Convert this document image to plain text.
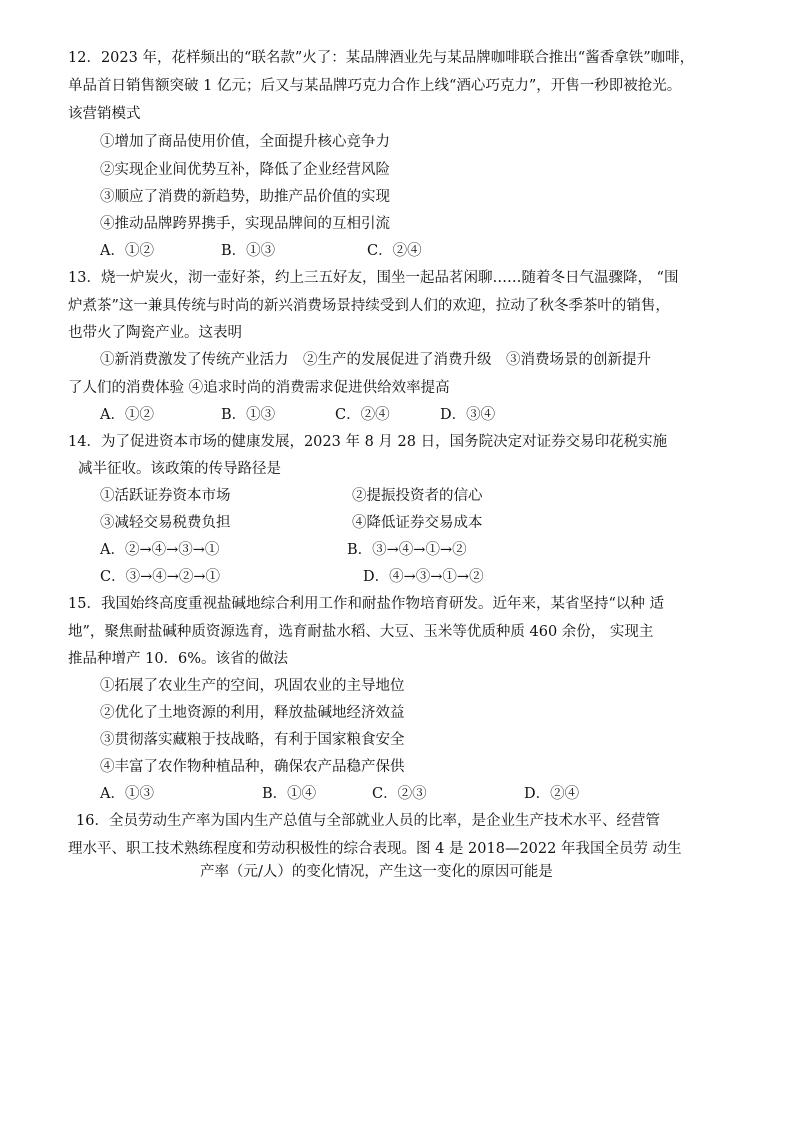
12．2023 年，花样频出的“联名款”火了：某品牌酒业先与某品牌咖啡联合推出“酱香拿铁”咖啡，
单品首日销售额突破 1 亿元；后又与某品牌巧克力合作上线“酒心巧克力”，开售一秒即被抢光。
该营销模式
①增加了商品使用价值，全面提升核心竞争力
②实现企业间优势互补，降低了企业经营风险
③顺应了消费的新趋势，助推产品价值的实现
④推动品牌跨界携手，实现品牌间的互相引流
A．①②	B．①③	C．②④
13．烧一炉炭火，沏一壶好茶，约上三五好友，围坐一起品茗闲聊……随着冬日气温骤降， “围
炉煮茶”这一兼具传统与时尚的新兴消费场景持续受到人们的欢迎，拉动了秋冬季茶叶的销售，
也带火了陶瓷产业。这表明
①新消费激发了传统产业活力　②生产的发展促进了消费升级　③消费场景的创新提升
了人们的消费体验 ④追求时尚的消费需求促进供给效率提高
A．①②	B．①③	C．②④	D．③④
14．为了促进资本市场的健康发展，2023 年 8 月 28 日，国务院决定对证券交易印花税实施
减半征收。该政策的传导路径是
①活跃证券资本市场	②提振投资者的信心
③减轻交易税费负担	④降低证券交易成本
A．②→④→③→①	B．③→④→①→②
C．③→④→②→①	D．④→③→①→②
15．我国始终高度重视盐碱地综合利用工作和耐盐作物培育研发。近年来，某省坚持“以种 适
地”，聚焦耐盐碱种质资源选育，选育耐盐水稻、大豆、玉米等优质种质 460 余份， 实现主
推品种增产 10．6%。该省的做法
①拓展了农业生产的空间，巩固农业的主导地位
②优化了土地资源的利用，释放盐碱地经济效益
③贯彻落实藏粮于技战略，有利于国家粮食安全
④丰富了农作物种植品种，确保农产品稳产保供
A．①③	B．①④	C．②③	D．②④
16．全员劳动生产率为国内生产总值与全部就业人员的比率，是企业生产技术水平、经营管
理水平、职工技术熟练程度和劳动积极性的综合表现。图 4 是 2018—2022 年我国全员劳 动生
产率（元/人）的变化情况，产生这一变化的原因可能是
